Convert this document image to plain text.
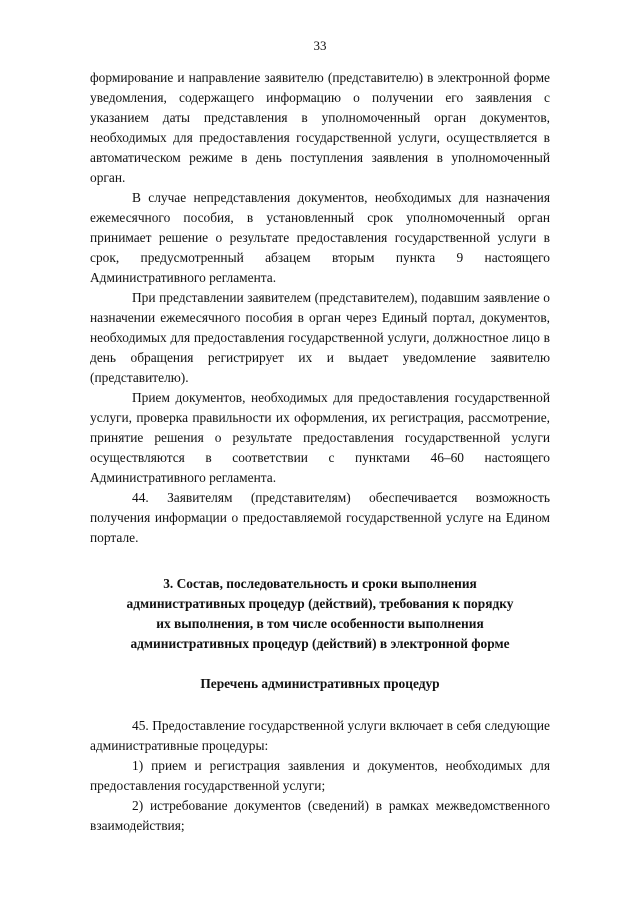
33

формирование и направление заявителю (представителю) в электронной форме уведомления, содержащего информацию о получении его заявления с указанием даты представления в уполномоченный орган документов, необходимых для предоставления государственной услуги, осуществляется в автоматическом режиме в день поступления заявления в уполномоченный орган.

В случае непредставления документов, необходимых для назначения ежемесячного пособия, в установленный срок уполномоченный орган принимает решение о результате предоставления государственной услуги в срок, предусмотренный абзацем вторым пункта 9 настоящего Административного регламента.

При представлении заявителем (представителем), подавшим заявление о назначении ежемесячного пособия в орган через Единый портал, документов, необходимых для предоставления государственной услуги, должностное лицо в день обращения регистрирует их и выдает уведомление заявителю (представителю).

Прием документов, необходимых для предоставления государственной услуги, проверка правильности их оформления, их регистрация, рассмотрение, принятие решения о результате предоставления государственной услуги осуществляются в соответствии с пунктами 46–60 настоящего Административного регламента.

44. Заявителям (представителям) обеспечивается возможность получения информации о предоставляемой государственной услуге на Едином портале.

3. Состав, последовательность и сроки выполнения

административных процедур (действий), требования к порядку

их выполнения, в том числе особенности выполнения

административных процедур (действий) в электронной форме

Перечень административных процедур

45. Предоставление государственной услуги включает в себя следующие административные процедуры:

1) прием и регистрация заявления и документов, необходимых для предоставления государственной услуги;

2) истребование документов (сведений) в рамках межведомственного взаимодействия;
